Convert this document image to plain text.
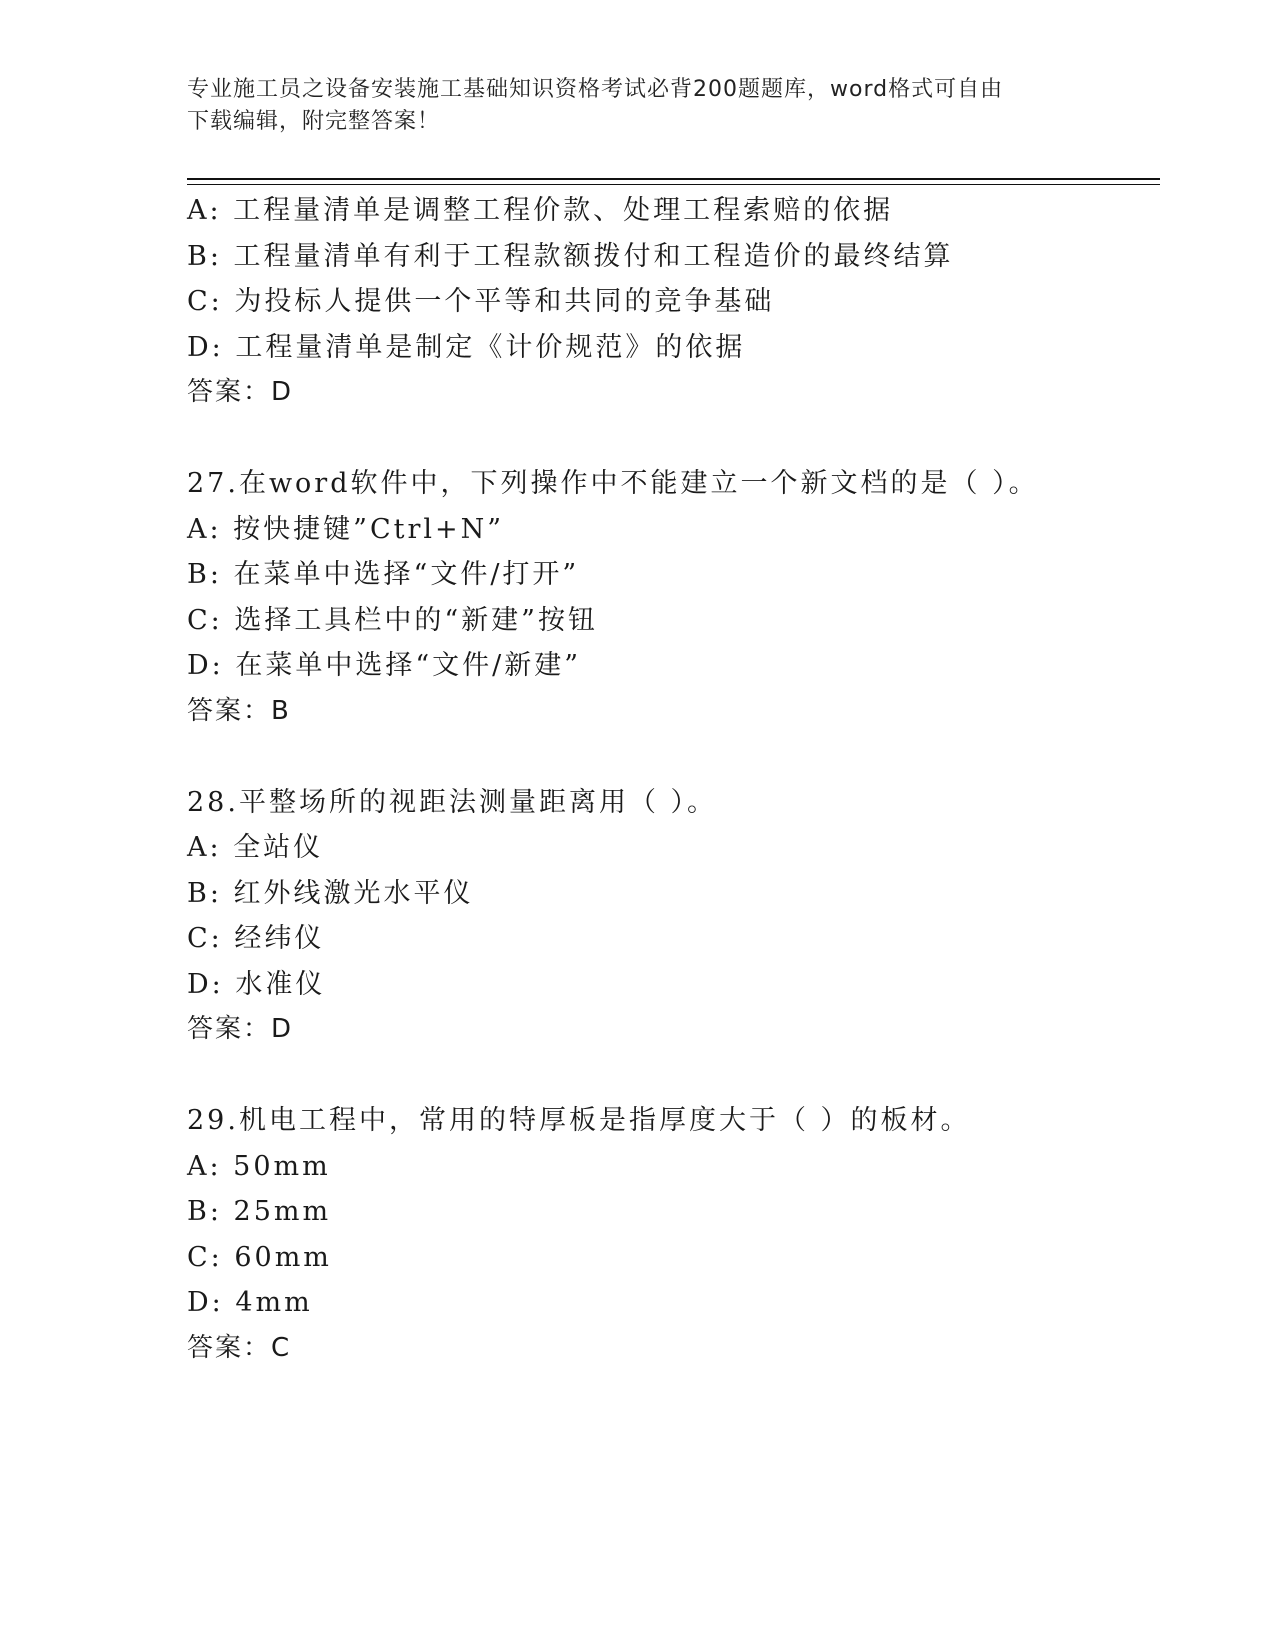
专业施工员之设备安装施工基础知识资格考试必背200题题库，word格式可自由
下载编辑，附完整答案！
A: 工程量清单是调整工程价款、处理工程索赔的依据
B: 工程量清单有利于工程款额拨付和工程造价的最终结算
C: 为投标人提供一个平等和共同的竞争基础
D: 工程量清单是制定《计价规范》的依据
答案：D
27.在word软件中，下列操作中不能建立一个新文档的是（ ）。
A: 按快捷键”Ctrl+N”
B: 在菜单中选择“文件/打开”
C: 选择工具栏中的“新建”按钮
D: 在菜单中选择“文件/新建”
答案：B
28.平整场所的视距法测量距离用（ ）。
A: 全站仪
B: 红外线激光水平仪
C: 经纬仪
D: 水准仪
答案：D
29.机电工程中，常用的特厚板是指厚度大于（ ）的板材。
A: 50mm
B: 25mm
C: 60mm
D: 4mm
答案：C
